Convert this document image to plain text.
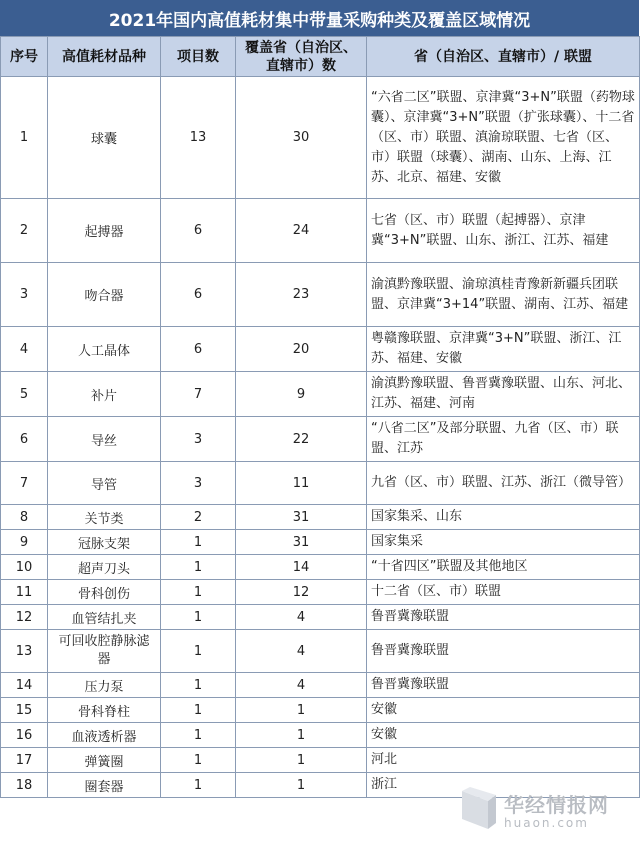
2021年国内高值耗材集中带量采购种类及覆盖区域情况
序号	高值耗材品种	项目数	覆盖省（自治区、直辖市）数	省（自治区、直辖市）/ 联盟
1	球囊	13	30	“六省二区”联盟、京津冀“3+N”联盟（药物球囊）、京津冀“3+N”联盟（扩张球囊）、十二省（区、市）联盟、滇渝琼联盟、七省（区、市）联盟（球囊）、湖南、山东、上海、江苏、北京、福建、安徽
2	起搏器	6	24	七省（区、市）联盟（起搏器）、京津冀“3+N”联盟、山东、浙江、江苏、福建
3	吻合器	6	23	渝滇黔豫联盟、渝琼滇桂青豫新新疆兵团联盟、京津冀“3+14”联盟、湖南、江苏、福建
4	人工晶体	6	20	粤赣豫联盟、京津冀“3+N”联盟、浙江、江苏、福建、安徽
5	补片	7	9	渝滇黔豫联盟、鲁晋冀豫联盟、山东、河北、江苏、福建、河南
6	导丝	3	22	“八省二区”及部分联盟、九省（区、市）联盟、江苏
7	导管	3	11	九省（区、市）联盟、江苏、浙江（微导管）
8	关节类	2	31	国家集采、山东
9	冠脉支架	1	31	国家集采
10	超声刀头	1	14	“十省四区”联盟及其他地区
11	骨科创伤	1	12	十二省（区、市）联盟
12	血管结扎夹	1	4	鲁晋冀豫联盟
13	可回收腔静脉滤器	1	4	鲁晋冀豫联盟
14	压力泵	1	4	鲁晋冀豫联盟
15	骨科脊柱	1	1	安徽
16	血液透析器	1	1	安徽
17	弹簧圈	1	1	河北
18	圈套器	1	1	浙江
华经情报网
huaon.com
